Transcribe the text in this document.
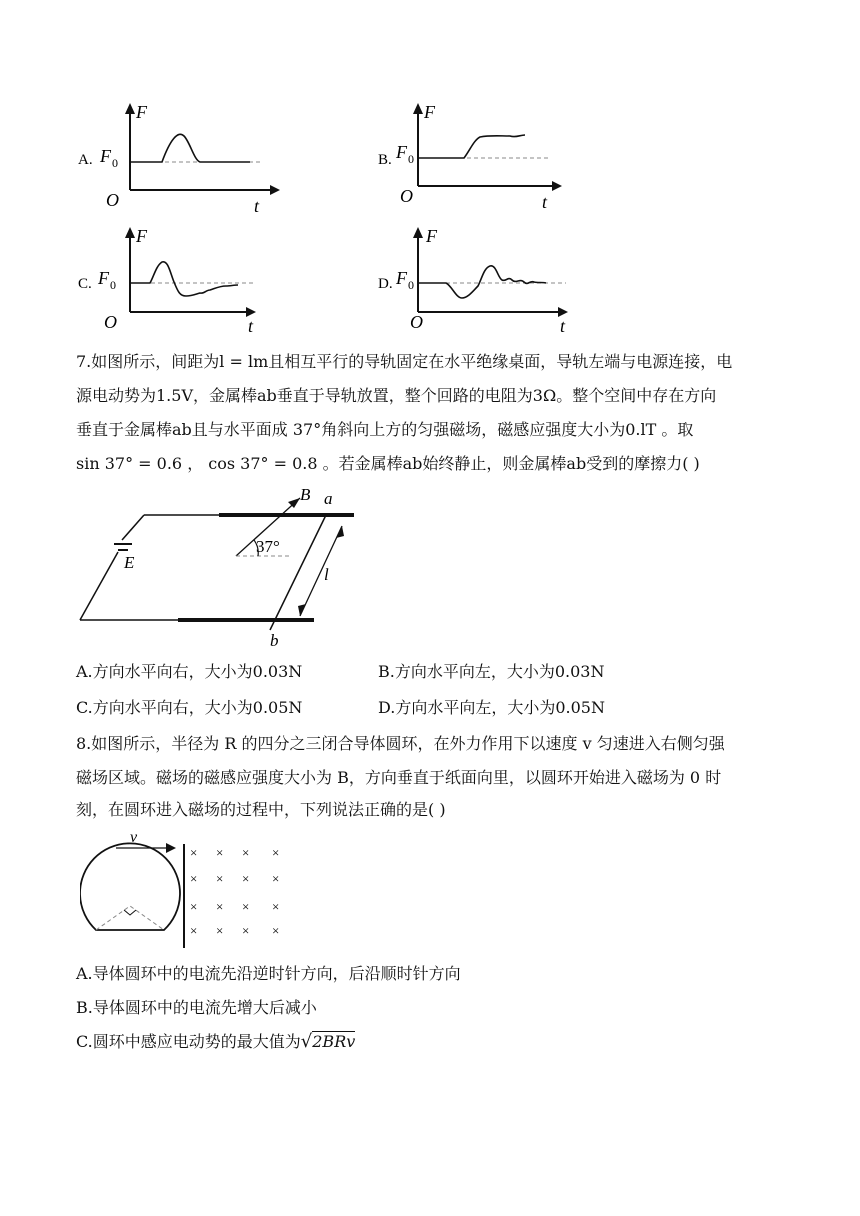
F
t
O
A. F 0
F
t
O
B. F 0
F
t
O
C. F 0
F
t
O
D. F 0
7.如图所示，间距为l = lm且相互平行的导轨固定在水平绝缘桌面，导轨左端与电源连接，电
源电动势为1.5V，金属棒ab垂直于导轨放置，整个回路的电阻为3Ω。整个空间中存在方向
垂直于金属棒ab且与水平面成 37°角斜向上方的匀强磁场，磁感应强度大小为0.lT 。取
sin 37° = 0.6 ， cos 37° = 0.8 。若金属棒ab始终静止，则金属棒ab受到的摩擦力( )
E
a
b
l
B
37°
A.方向水平向右，大小为0.03N	B.方向水平向左，大小为0.03N
C.方向水平向右，大小为0.05N	D.方向水平向左，大小为0.05N
8.如图所示，半径为 R 的四分之三闭合导体圆环，在外力作用下以速度 v 匀速进入右侧匀强
磁场区域。磁场的磁感应强度大小为 B，方向垂直于纸面向里，以圆环开始进入磁场为 0 时
刻，在圆环进入磁场的过程中，下列说法正确的是( )
v
× × × ×
× × × ×
× × × ×
× × × ×
A.导体圆环中的电流先沿逆时针方向，后沿顺时针方向
B.导体圆环中的电流先增大后减小
C.圆环中感应电动势的最大值为√2BRv
